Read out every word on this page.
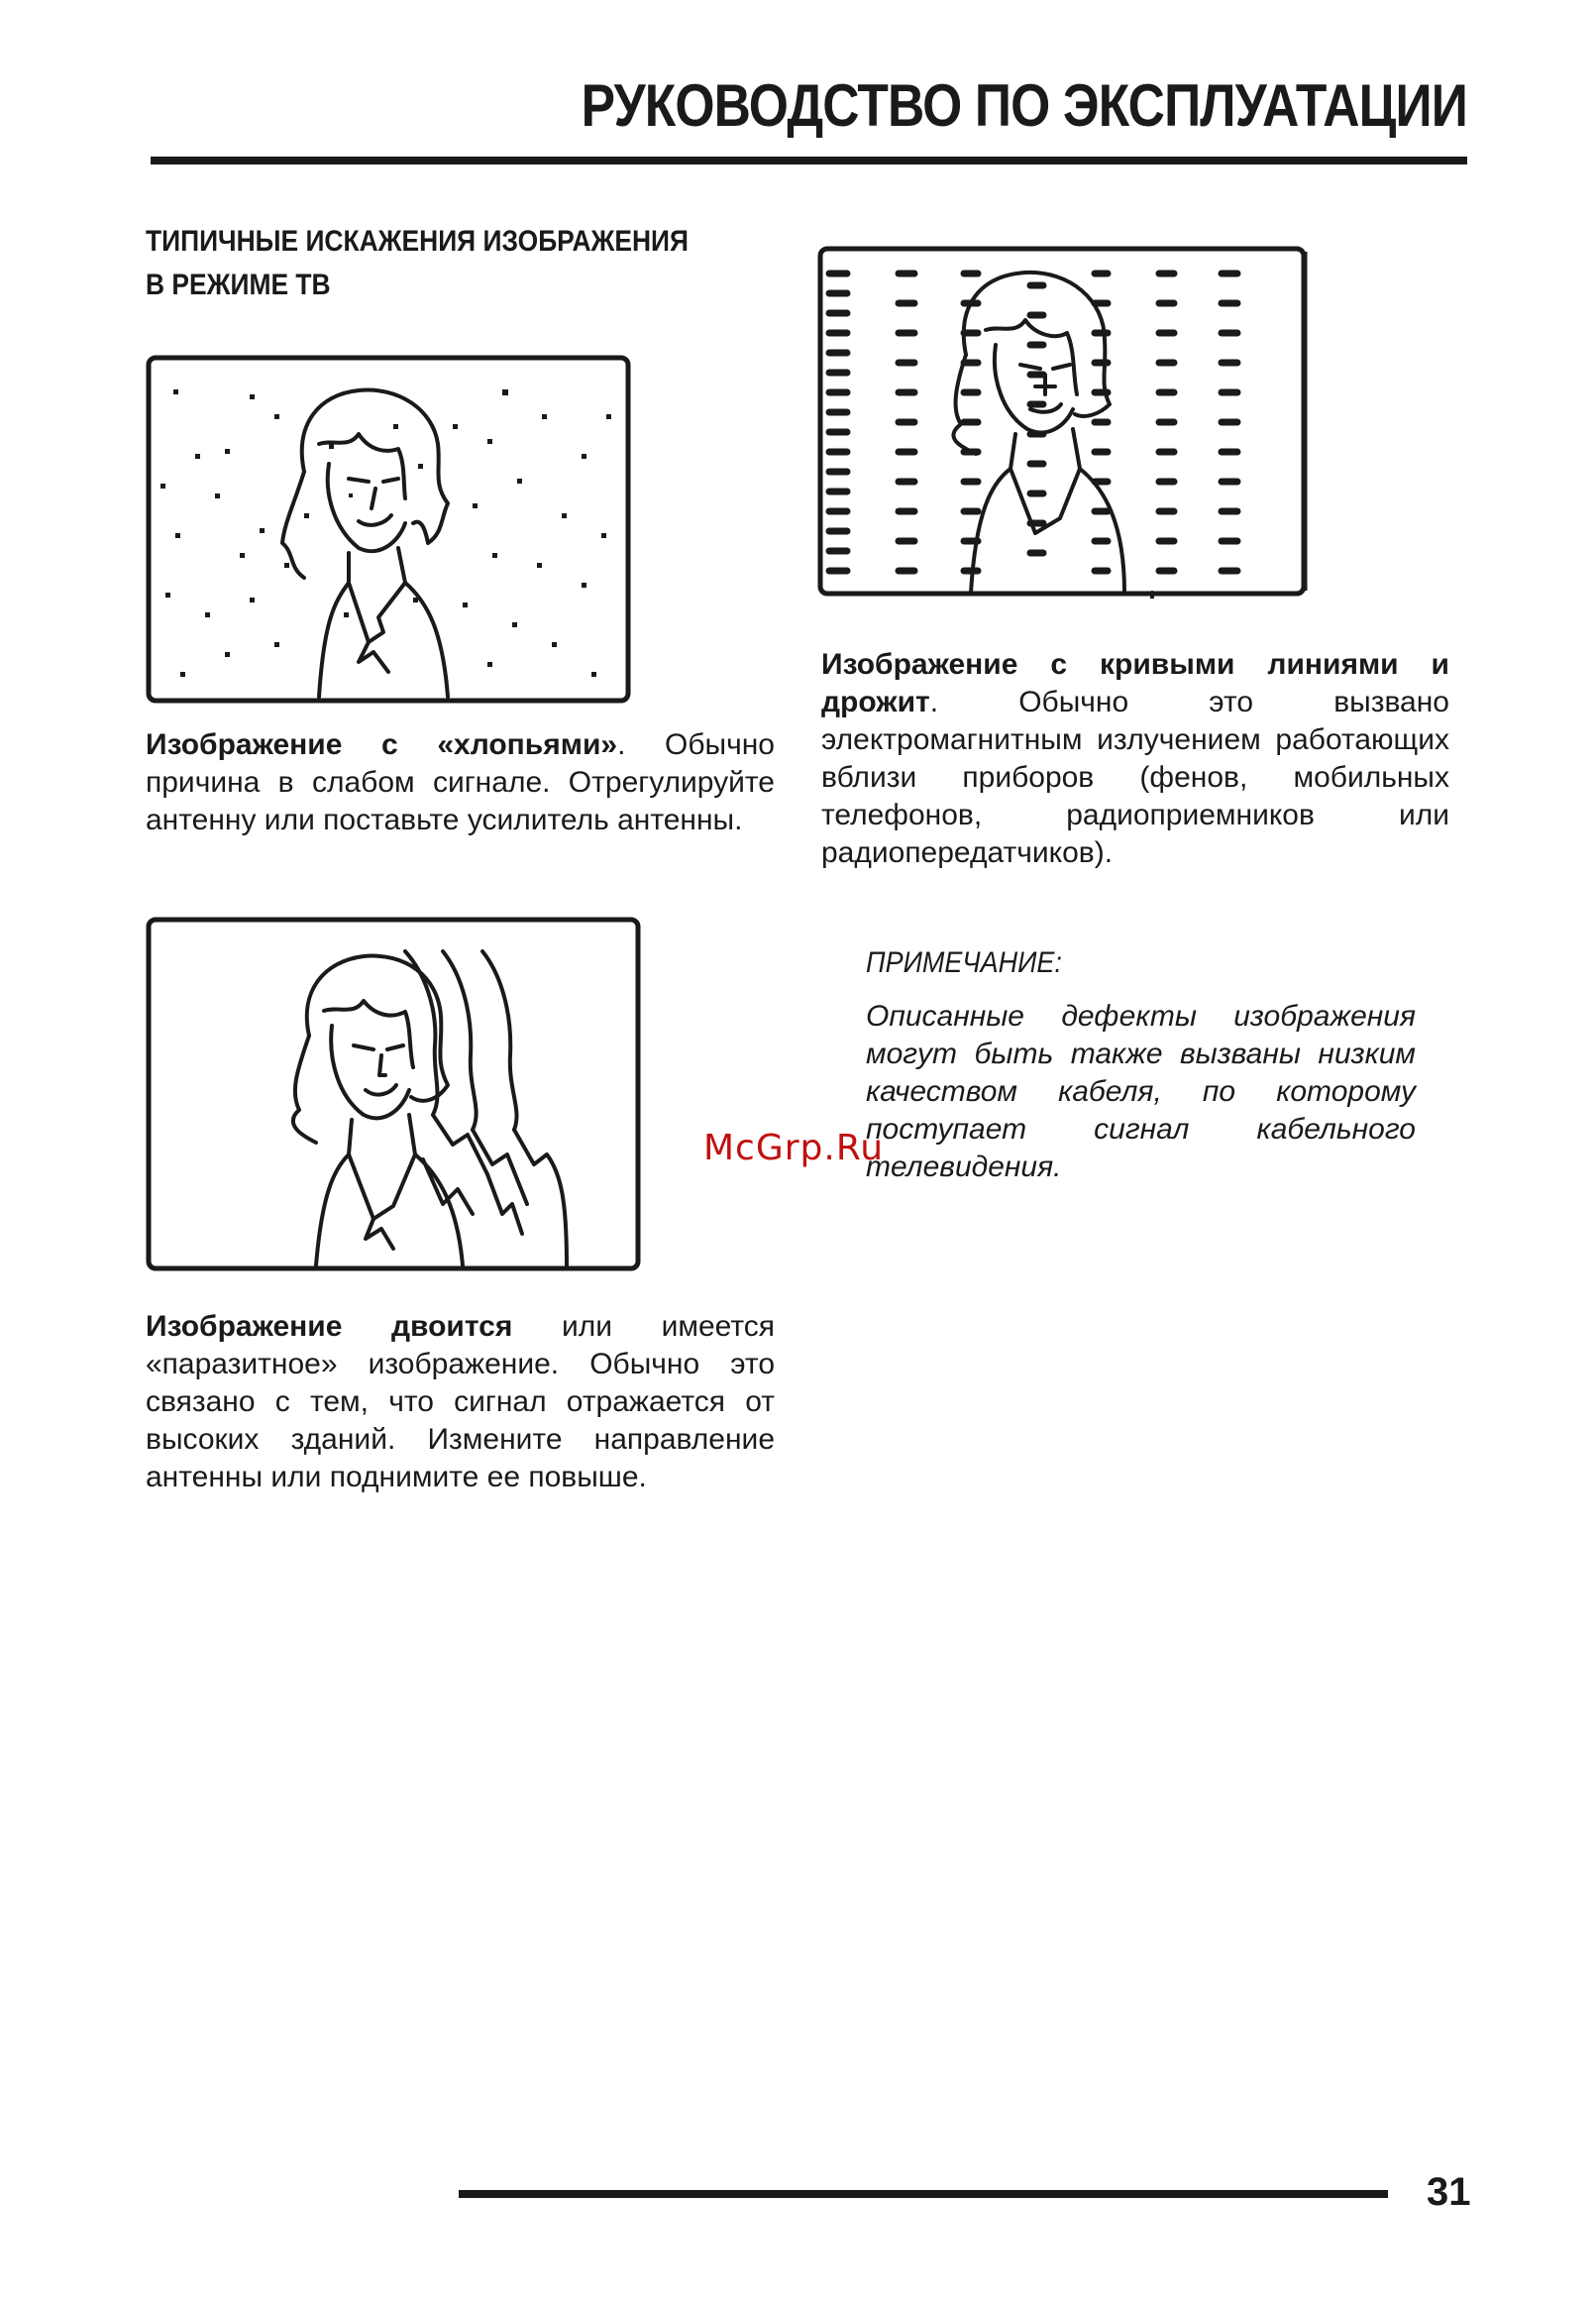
РУКОВОДСТВО ПО ЭКСПЛУАТАЦИИ
ТИПИЧНЫЕ ИСКАЖЕНИЯ ИЗОБРАЖЕНИЯ
В РЕЖИМЕ ТВ
Изображение с «хлопьями». Обычно причина в слабом сигнале. Отрегулируйте антенну или поставьте усилитель антенны.
Изображение с кривыми линиями и дрожит. Обычно это вызвано электромагнитным излучением работающих вблизи приборов (фенов, мобильных телефонов, радиоприемников или радиопередатчиков).
Изображение двоится или имеется «паразитное» изображение. Обычно это связано с тем, что сигнал отражается от высоких зданий. Измените направление антенны или поднимите ее повыше.
ПРИМЕЧАНИЕ:
Описанные дефекты изображения могут быть также вызваны низким качеством кабеля, по которому поступает сигнал кабельного телевидения.
McGrp.Ru
31
